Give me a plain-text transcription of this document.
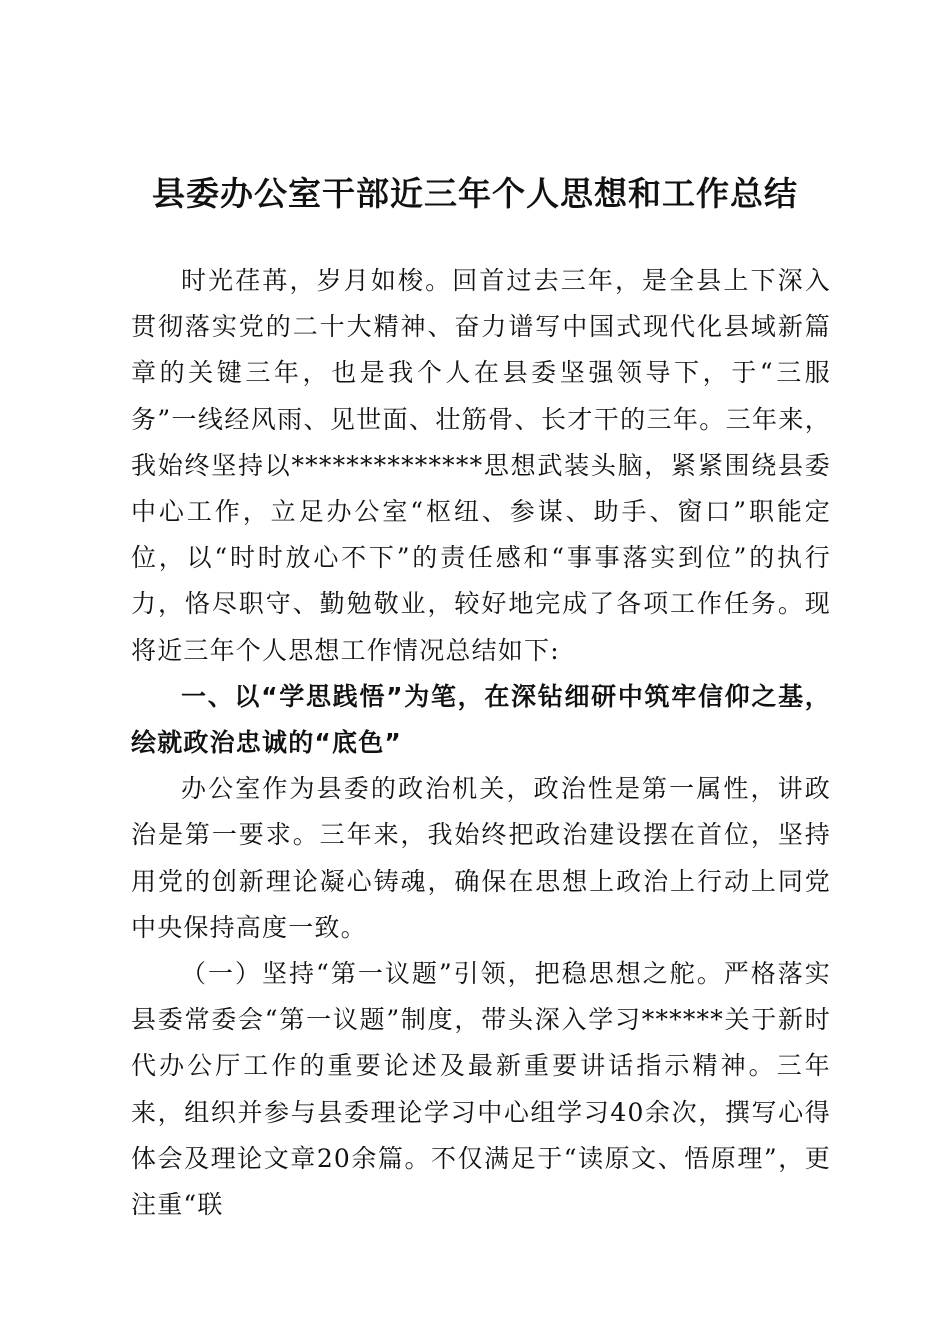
县委办公室干部近三年个人思想和工作总结

时光荏苒，岁月如梭。回首过去三年，是全县上下深入贯彻落实党的二十大精神、奋力谱写中国式现代化县域新篇章的关键三年，也是我个人在县委坚强领导下，于“三服务”一线经风雨、见世面、壮筋骨、长才干的三年。三年来，我始终坚持以**************思想武装头脑，紧紧围绕县委中心工作，立足办公室“枢纽、参谋、助手、窗口”职能定位，以“时时放心不下”的责任感和“事事落实到位”的执行力，恪尽职守、勤勉敬业，较好地完成了各项工作任务。现将近三年个人思想工作情况总结如下:

一、以“学思践悟”为笔，在深钻细研中筑牢信仰之基，绘就政治忠诚的“底色”

办公室作为县委的政治机关，政治性是第一属性，讲政治是第一要求。三年来，我始终把政治建设摆在首位，坚持用党的创新理论凝心铸魂，确保在思想上政治上行动上同党中央保持高度一致。

（一）坚持“第一议题”引领，把稳思想之舵。严格落实县委常委会“第一议题”制度，带头深入学习******关于新时代办公厅工作的重要论述及最新重要讲话指示精神。三年来，组织并参与县委理论学习中心组学习40余次，撰写心得体会及理论文章20余篇。不仅满足于“读原文、悟原理”，更注重“联
